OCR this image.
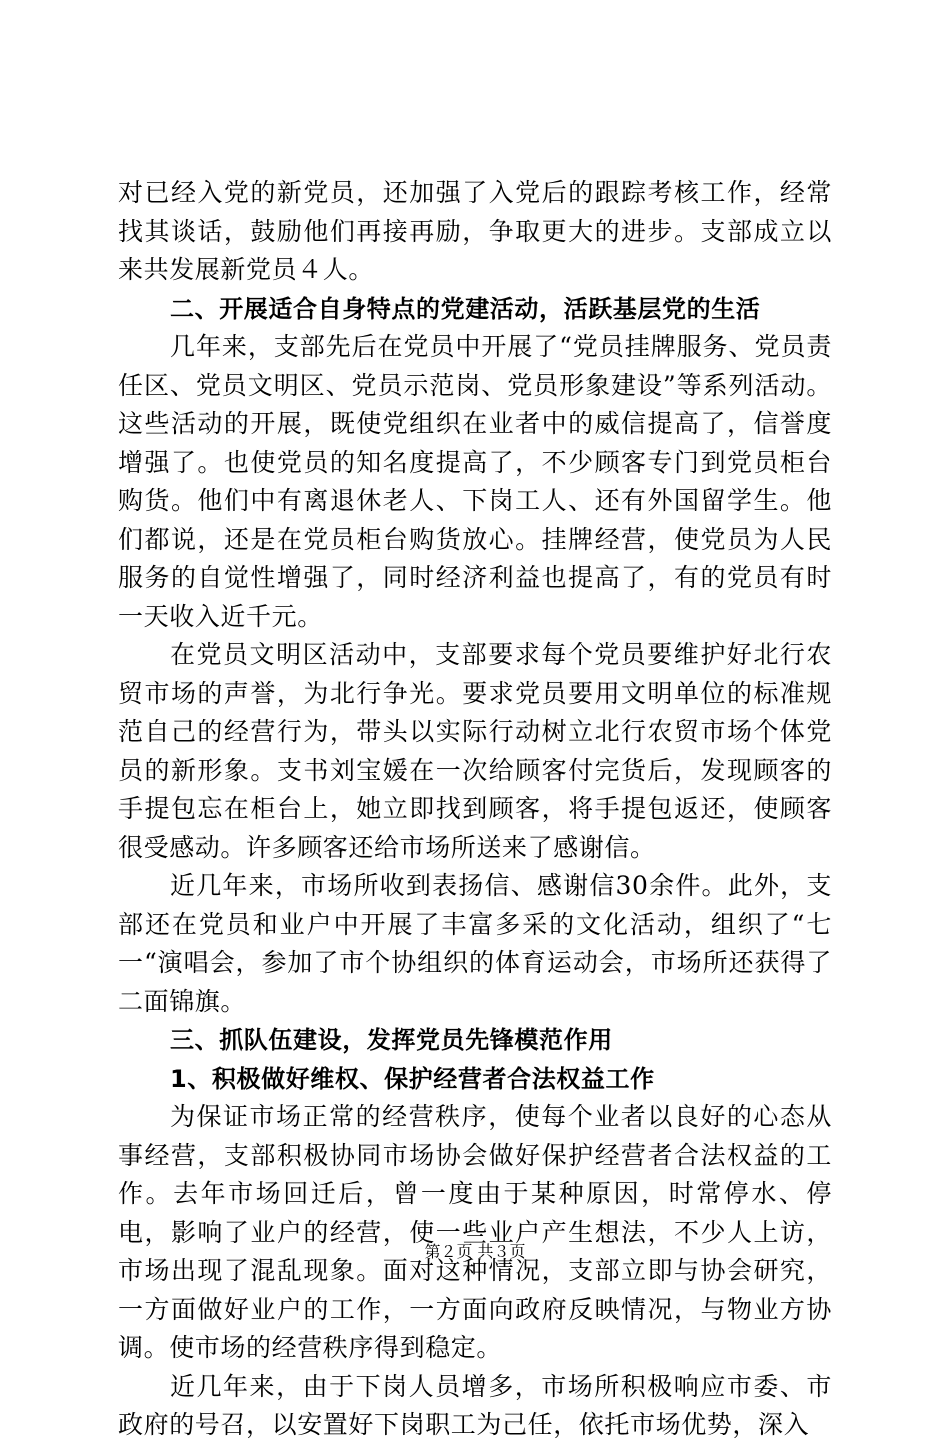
对已经入党的新党员，还加强了入党后的跟踪考核工作，经常找其谈话，鼓励他们再接再励，争取更大的进步。支部成立以来共发展新党员４人。

二、开展适合自身特点的党建活动，活跃基层党的生活

几年来，支部先后在党员中开展了“党员挂牌服务、党员责任区、党员文明区、党员示范岗、党员形象建设”等系列活动。这些活动的开展，既使党组织在业者中的威信提高了，信誉度增强了。也使党员的知名度提高了，不少顾客专门到党员柜台购货。他们中有离退休老人、下岗工人、还有外国留学生。他们都说，还是在党员柜台购货放心。挂牌经营，使党员为人民服务的自觉性增强了，同时经济利益也提高了，有的党员有时一天收入近千元。

在党员文明区活动中，支部要求每个党员要维护好北行农贸市场的声誉，为北行争光。要求党员要用文明单位的标准规范自己的经营行为，带头以实际行动树立北行农贸市场个体党员的新形象。支书刘宝媛在一次给顾客付完货后，发现顾客的手提包忘在柜台上，她立即找到顾客，将手提包返还，使顾客很受感动。许多顾客还给市场所送来了感谢信。

近几年来，市场所收到表扬信、感谢信30余件。此外，支部还在党员和业户中开展了丰富多采的文化活动，组织了“七一“演唱会，参加了市个协组织的体育运动会，市场所还获得了二面锦旗。

三、抓队伍建设，发挥党员先锋模范作用

1、积极做好维权、保护经营者合法权益工作

为保证市场正常的经营秩序，使每个业者以良好的心态从事经营，支部积极协同市场协会做好保护经营者合法权益的工作。去年市场回迁后，曾一度由于某种原因，时常停水、停电，影响了业户的经营，使一些业户产生想法，不少人上访，市场出现了混乱现象。面对这种情况，支部立即与协会研究，一方面做好业户的工作，一方面向政府反映情况，与物业方协调。使市场的经营秩序得到稳定。

近几年来，由于下岗人员增多，市场所积极响应市委、市政府的号召，以安置好下岗职工为己任，依托市场优势，深入

第２页 共３页
